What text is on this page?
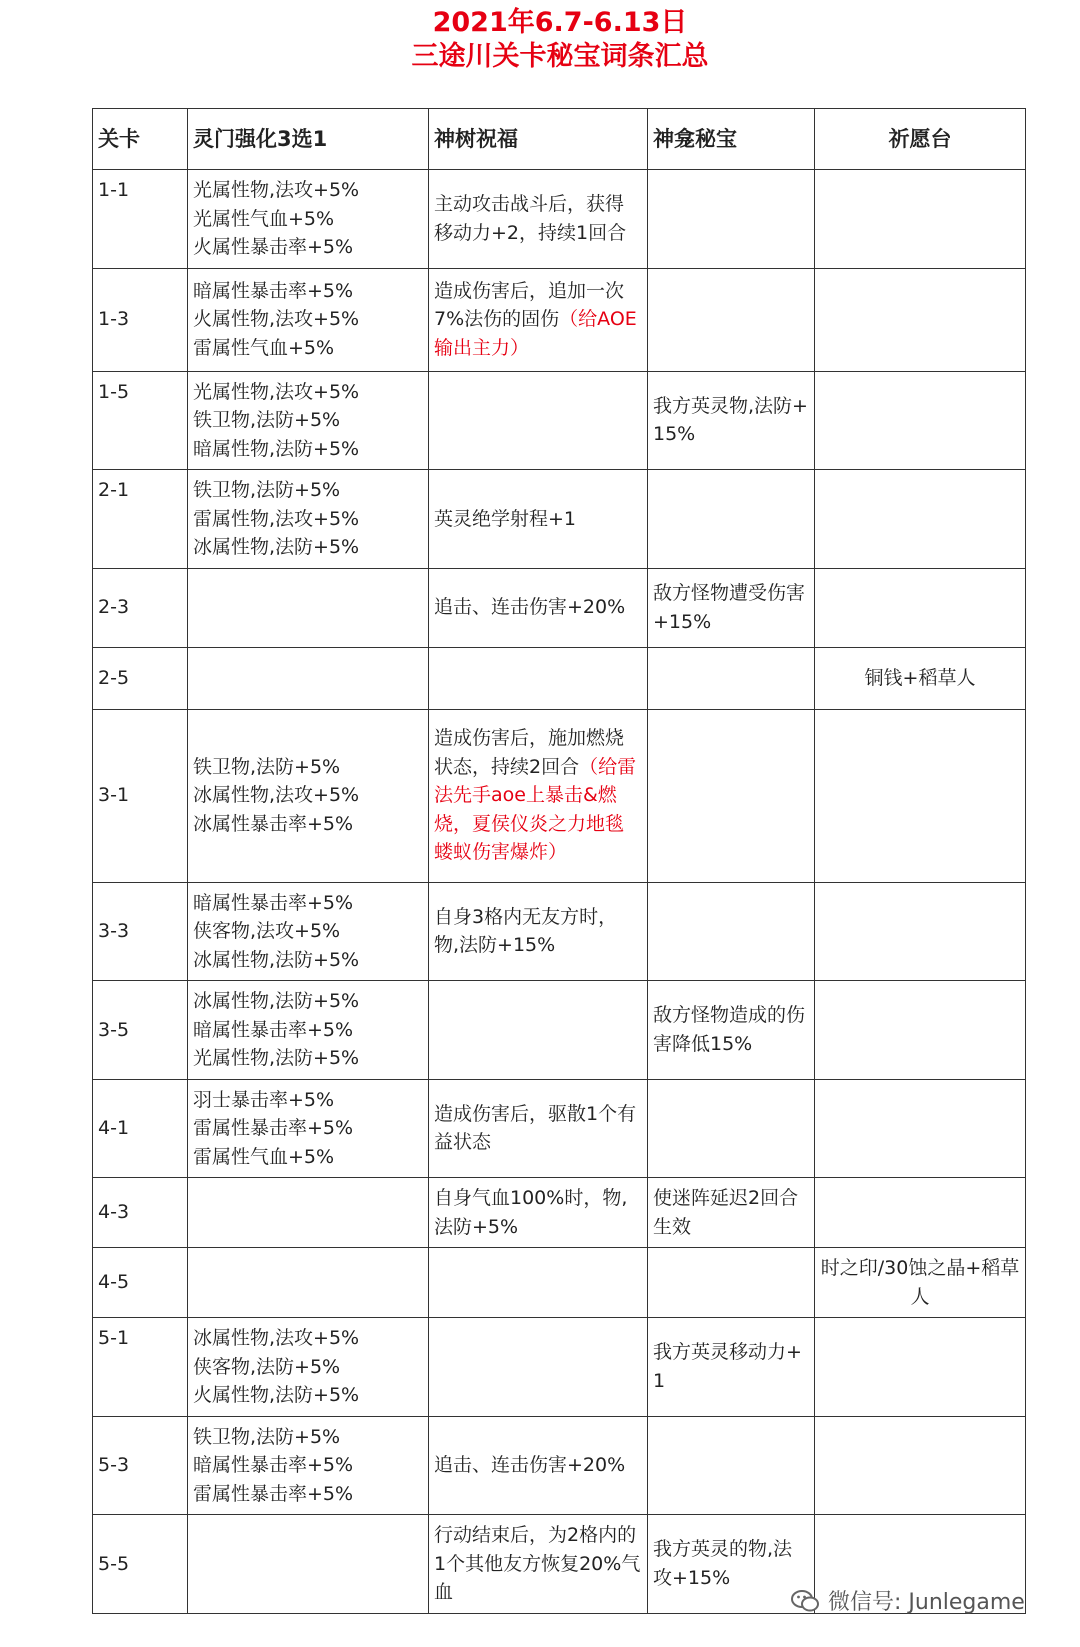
2021年6.7-6.13日
三途川关卡秘宝词条汇总
关卡	灵门强化3选1	神树祝福	神龛秘宝	祈愿台
1-1	光属性物,法攻+5%
光属性气血+5%
火属性暴击率+5%	主动攻击战斗后，获得移动力+2，持续1回合		
1-3	暗属性暴击率+5%
火属性物,法攻+5%
雷属性气血+5%	造成伤害后，追加一次7%法伤的固伤（给AOE输出主力）		
1-5	光属性物,法攻+5%
铁卫物,法防+5%
暗属性物,法防+5%		我方英灵物,法防+15%	
2-1	铁卫物,法防+5%
雷属性物,法攻+5%
冰属性物,法防+5%	英灵绝学射程+1		
2-3		追击、连击伤害+20%	敌方怪物遭受伤害+15%	
2-5				铜钱+稻草人
3-1	铁卫物,法防+5%
冰属性物,法攻+5%
冰属性暴击率+5%	造成伤害后，施加燃烧状态，持续2回合（给雷法先手aoe上暴击&燃烧，夏侯仪炎之力地毯蝼蚁伤害爆炸）		
3-3	暗属性暴击率+5%
侠客物,法攻+5%
冰属性物,法防+5%	自身3格内无友方时，物,法防+15%		
3-5	冰属性物,法防+5%
暗属性暴击率+5%
光属性物,法防+5%		敌方怪物造成的伤害降低15%	
4-1	羽士暴击率+5%
雷属性暴击率+5%
雷属性气血+5%	造成伤害后，驱散1个有益状态		
4-3		自身气血100%时，物,法防+5%	使迷阵延迟2回合生效	
4-5				时之印/30蚀之晶+稻草人
5-1	冰属性物,法攻+5%
侠客物,法防+5%
火属性物,法防+5%		我方英灵移动力+1	
5-3	铁卫物,法防+5%
暗属性暴击率+5%
雷属性暴击率+5%	追击、连击伤害+20%		
5-5		行动结束后，为2格内的1个其他友方恢复20%气血	我方英灵的物,法攻+15%	
微信号: Junlegame
